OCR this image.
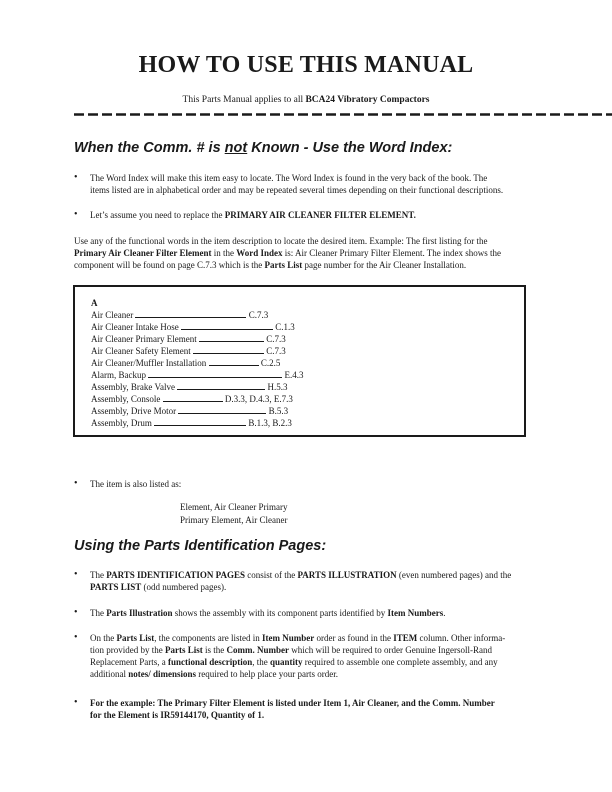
HOW TO USE THIS MANUAL
This Parts Manual applies to all BCA24 Vibratory Compactors
When the Comm. # is not Known - Use the Word Index:
• The Word Index will make this item easy to locate. The Word Index is found in the very back of the book. The
items listed are in alphabetical order and may be repeated several times depending on their functional descriptions.
• Let’s assume you need to replace the PRIMARY AIR CLEANER FILTER ELEMENT.
Use any of the functional words in the item description to locate the desired item. Example: The first listing for the
Primary Air Cleaner Filter Element in the Word Index is: Air Cleaner Primary Filter Element. The index shows the
component will be found on page C.7.3 which is the Parts List page number for the Air Cleaner Installation.
A
Air Cleaner	C.7.3
Air Cleaner Intake Hose	C.1.3
Air Cleaner Primary Element	C.7.3
Air Cleaner Safety Element	C.7.3
Air Cleaner/Muffler Installation	C.2.5
Alarm, Backup	E.4.3
Assembly, Brake Valve	H.5.3
Assembly, Console	D.3.3, D.4.3, E.7.3
Assembly, Drive Motor	B.5.3
Assembly, Drum	B.1.3, B.2.3
• The item is also listed as:
Element, Air Cleaner Primary
Primary Element, Air Cleaner
Using the Parts Identification Pages:
• The PARTS IDENTIFICATION PAGES consist of the PARTS ILLUSTRATION (even numbered pages) and the
PARTS LIST (odd numbered pages).
• The Parts Illustration shows the assembly with its component parts identified by Item Numbers.
• On the Parts List, the components are listed in Item Number order as found in the ITEM column. Other informa-
tion provided by the Parts List is the Comm. Number which will be required to order Genuine Ingersoll-Rand
Replacement Parts, a functional description, the quantity required to assemble one complete assembly, and any
additional notes/ dimensions required to help place your parts order.
• For the example: The Primary Filter Element is listed under Item 1, Air Cleaner, and the Comm. Number
for the Element is IR59144170, Quantity of 1.
